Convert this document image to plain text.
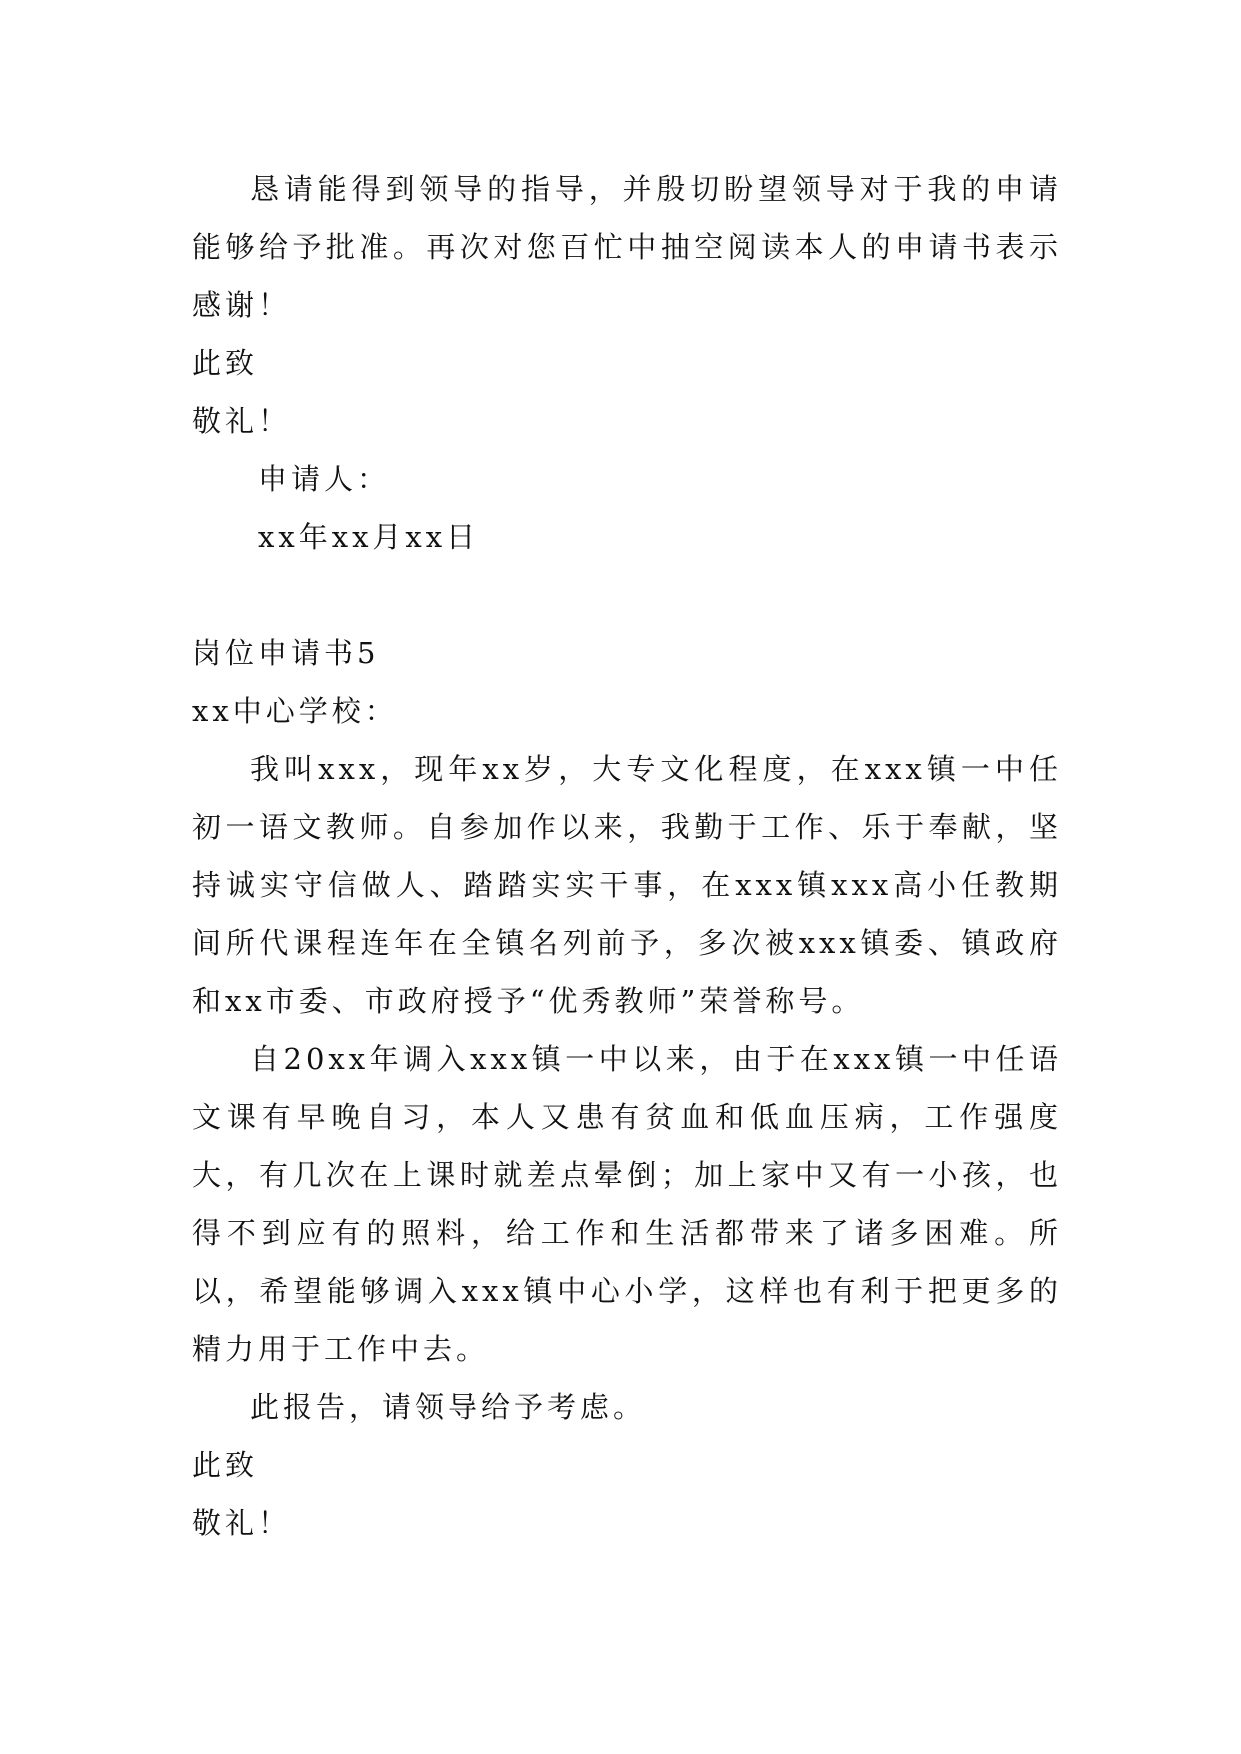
恳请能得到领导的指导，并殷切盼望领导对于我的申请能够给予批准。再次对您百忙中抽空阅读本人的申请书表示感谢！

此致

敬礼！

申请人：

xx年xx月xx日

岗位申请书5

xx中心学校：

我叫xxx，现年xx岁，大专文化程度，在xxx镇一中任初一语文教师。自参加作以来，我勤于工作、乐于奉献，坚持诚实守信做人、踏踏实实干事，在xxx镇xxx高小任教期间所代课程连年在全镇名列前予，多次被xxx镇委、镇政府和xx市委、市政府授予“优秀教师”荣誉称号。

自20xx年调入xxx镇一中以来，由于在xxx镇一中任语文课有早晚自习，本人又患有贫血和低血压病，工作强度大，有几次在上课时就差点晕倒；加上家中又有一小孩，也得不到应有的照料，给工作和生活都带来了诸多困难。所以，希望能够调入xxx镇中心小学，这样也有利于把更多的精力用于工作中去。

此报告，请领导给予考虑。

此致

敬礼！
